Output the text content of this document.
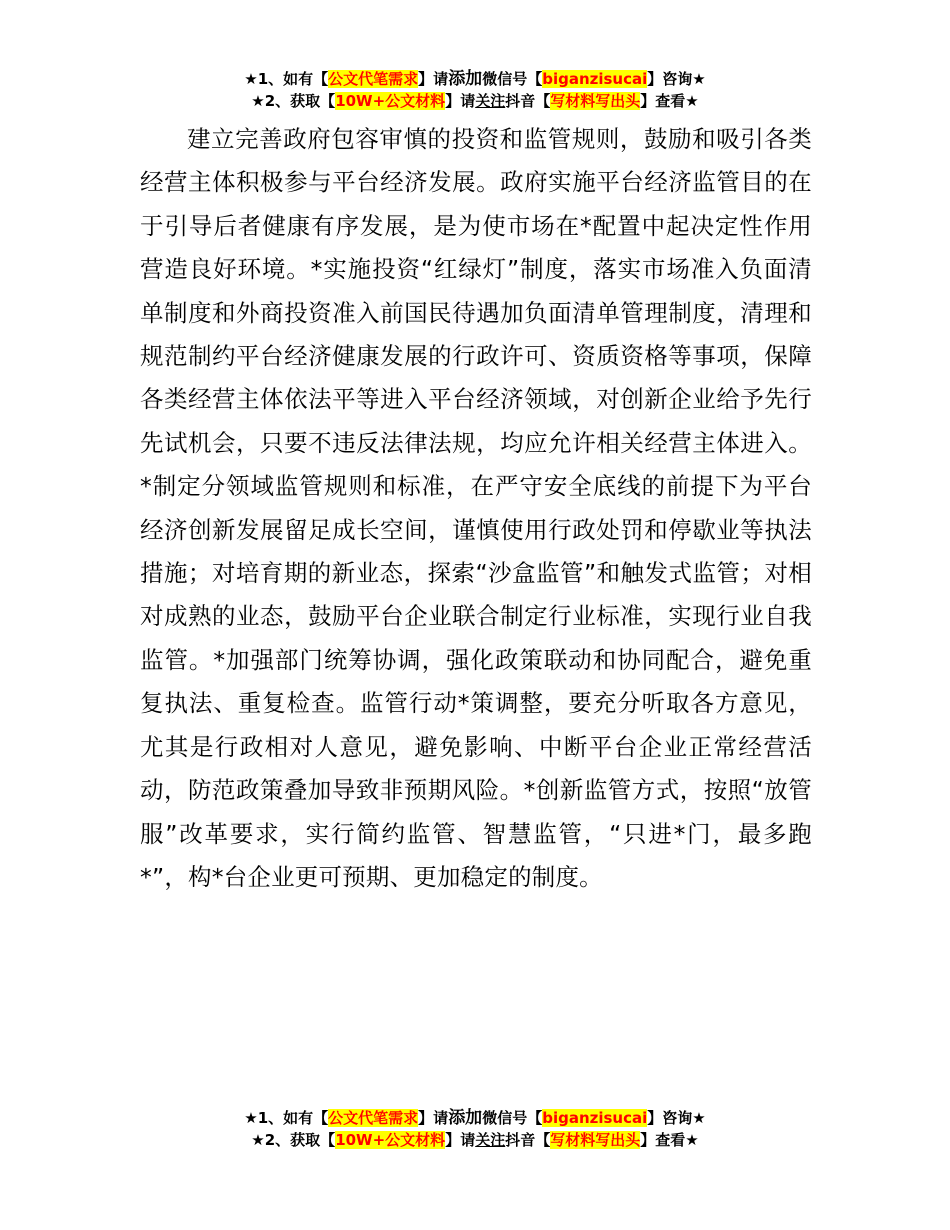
★1、如有【公文代笔需求】请添加微信号【biganzisucai】咨询★
★2、获取【10W+公文材料】请关注抖音【写材料写出头】查看★
建立完善政府包容审慎的投资和监管规则，鼓励和吸引各类经营主体积极参与平台经济发展。政府实施平台经济监管目的在于引导后者健康有序发展，是为使市场在*配置中起决定性作用营造良好环境。*实施投资“红绿灯”制度，落实市场准入负面清单制度和外商投资准入前国民待遇加负面清单管理制度，清理和规范制约平台经济健康发展的行政许可、资质资格等事项，保障各类经营主体依法平等进入平台经济领域，对创新企业给予先行先试机会，只要不违反法律法规，均应允许相关经营主体进入。*制定分领域监管规则和标准，在严守安全底线的前提下为平台经济创新发展留足成长空间，谨慎使用行政处罚和停歇业等执法措施；对培育期的新业态，探索“沙盒监管”和触发式监管；对相对成熟的业态，鼓励平台企业联合制定行业标准，实现行业自我监管。*加强部门统筹协调，强化政策联动和协同配合，避免重复执法、重复检查。监管行动*策调整，要充分听取各方意见，尤其是行政相对人意见，避免影响、中断平台企业正常经营活动，防范政策叠加导致非预期风险。*创新监管方式，按照“放管服”改革要求，实行简约监管、智慧监管，“只进*门，最多跑*”，构*台企业更可预期、更加稳定的制度。
★1、如有【公文代笔需求】请添加微信号【biganzisucai】咨询★
★2、获取【10W+公文材料】请关注抖音【写材料写出头】查看★
